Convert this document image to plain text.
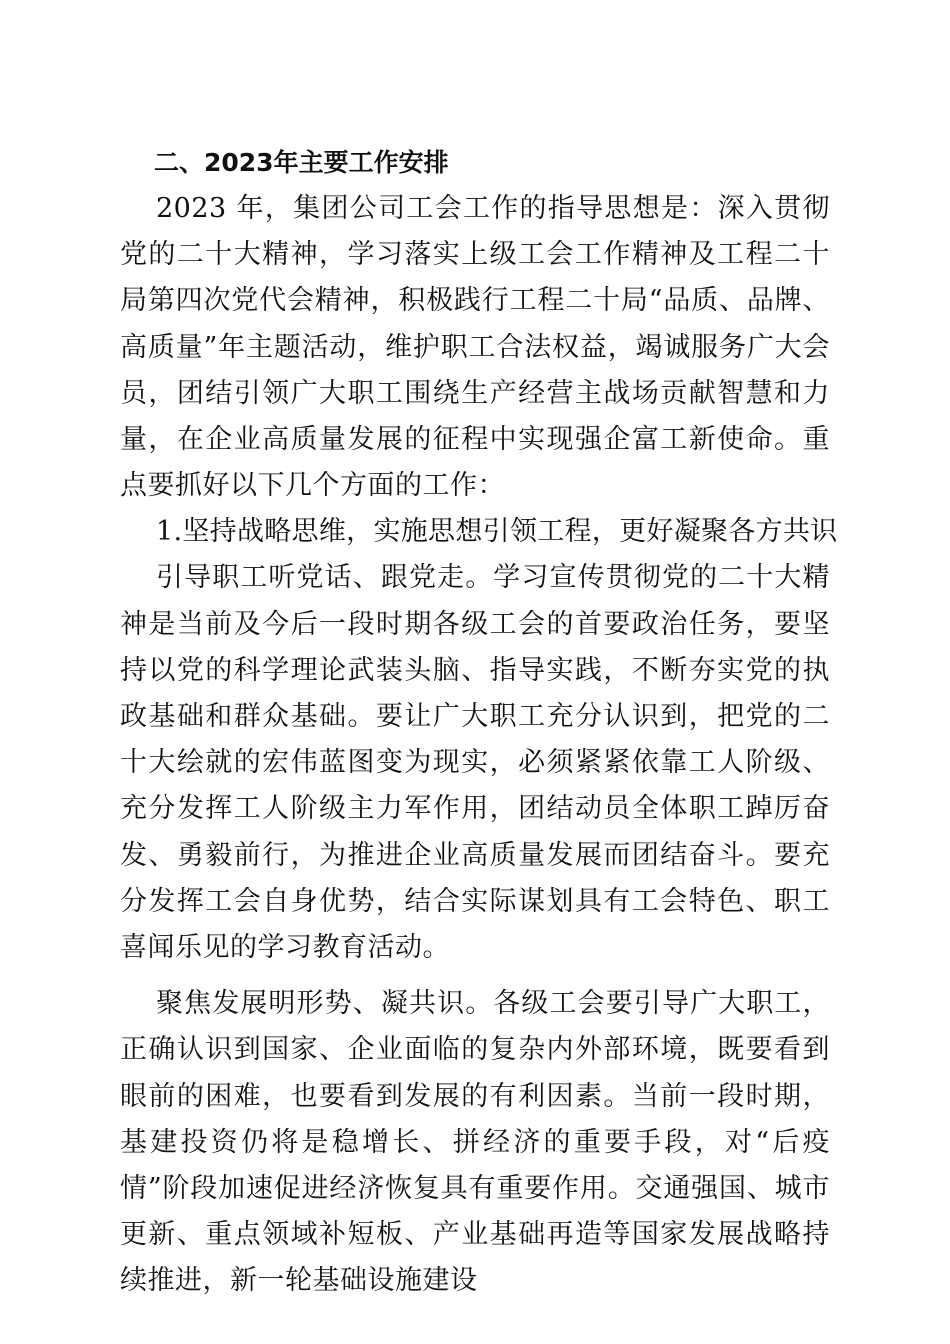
二、2023年主要工作安排

2023 年，集团公司工会工作的指导思想是：深入贯彻党的二十大精神，学习落实上级工会工作精神及工程二十局第四次党代会精神，积极践行工程二十局“品质、品牌、高质量”年主题活动，维护职工合法权益，竭诚服务广大会员，团结引领广大职工围绕生产经营主战场贡献智慧和力量，在企业高质量发展的征程中实现强企富工新使命。重点要抓好以下几个方面的工作：

1.坚持战略思维，实施思想引领工程，更好凝聚各方共识

引导职工听党话、跟党走。学习宣传贯彻党的二十大精神是当前及今后一段时期各级工会的首要政治任务，要坚持以党的科学理论武装头脑、指导实践，不断夯实党的执政基础和群众基础。要让广大职工充分认识到，把党的二十大绘就的宏伟蓝图变为现实，必须紧紧依靠工人阶级、充分发挥工人阶级主力军作用，团结动员全体职工踔厉奋发、勇毅前行，为推进企业高质量发展而团结奋斗。要充分发挥工会自身优势，结合实际谋划具有工会特色、职工喜闻乐见的学习教育活动。

聚焦发展明形势、凝共识。各级工会要引导广大职工，正确认识到国家、企业面临的复杂内外部环境，既要看到眼前的困难，也要看到发展的有利因素。当前一段时期，基建投资仍将是稳增长、拼经济的重要手段，对“后疫情”阶段加速促进经济恢复具有重要作用。交通强国、城市更新、重点领域补短板、产业基础再造等国家发展战略持续推进，新一轮基础设施建设
